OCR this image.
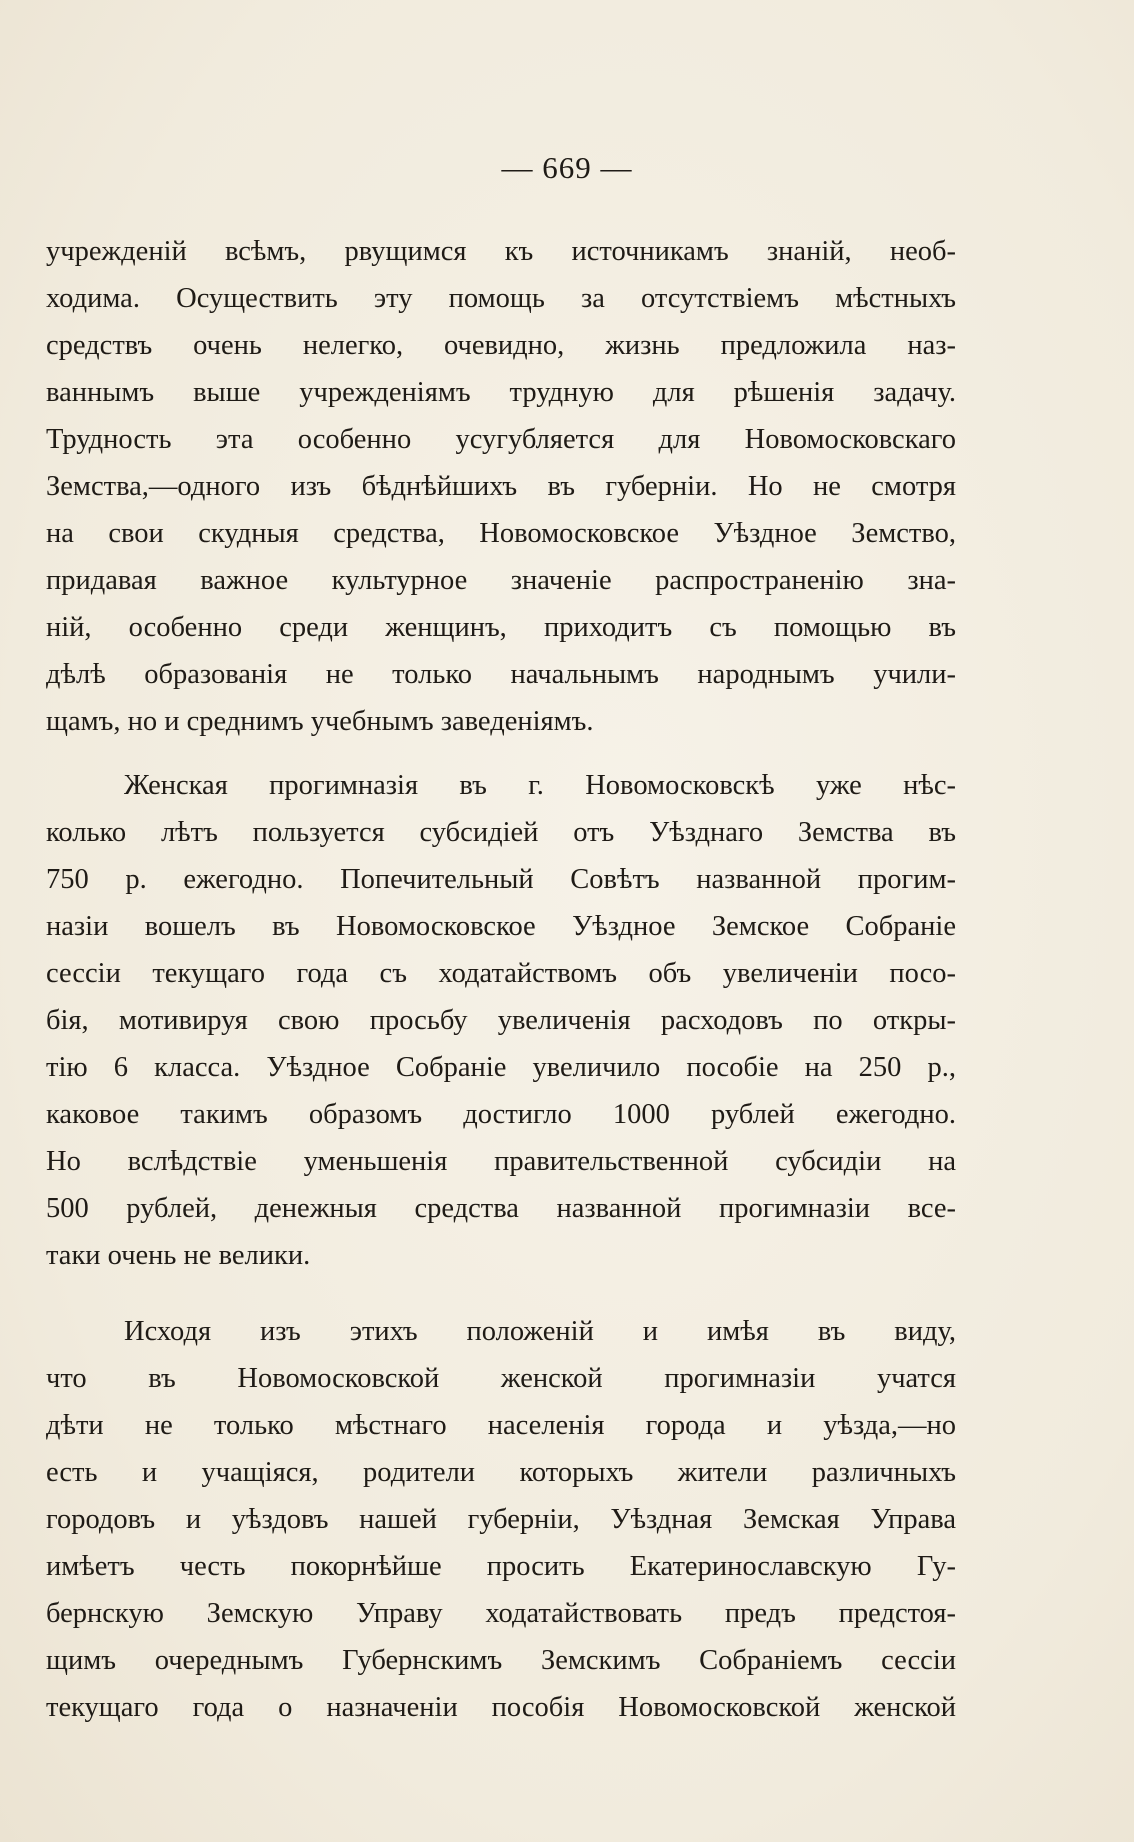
— 669 —
учрежденій всѣмъ, рвущимся къ источникамъ знаній, необ-
ходима. Осуществить эту помощь за отсутствіемъ мѣстныхъ
средствъ очень нелегко, очевидно, жизнь предложила наз-
ваннымъ выше учрежденіямъ трудную для рѣшенія задачу.
Трудность эта особенно усугубляется для Новомосковскаго
Земства,—одного изъ бѣднѣйшихъ въ губерніи. Но не смотря
на свои скудныя средства, Новомосковское Уѣздное Земство,
придавая важное культурное значеніе распространенію зна-
ній, особенно среди женщинъ, приходитъ съ помощью въ
дѣлѣ образованія не только начальнымъ народнымъ учили-
щамъ, но и среднимъ учебнымъ заведеніямъ.
Женская прогимназія въ г. Новомосковскѣ уже нѣс-
колько лѣтъ пользуется субсидіей отъ Уѣзднаго Земства въ
750 р. ежегодно. Попечительный Совѣтъ названной прогим-
назіи вошелъ въ Новомосковское Уѣздное Земское Собраніе
сессіи текущаго года съ ходатайствомъ объ увеличеніи посо-
бія, мотивируя свою просьбу увеличенія расходовъ по откры-
тію 6 класса. Уѣздное Собраніе увеличило пособіе на 250 р.,
каковое такимъ образомъ достигло 1000 рублей ежегодно.
Но вслѣдствіе уменьшенія правительственной субсидіи на
500 рублей, денежныя средства названной прогимназіи все-
таки очень не велики.
Исходя изъ этихъ положеній и имѣя въ виду,
что въ Новомосковской женской прогимназіи учатся
дѣти не только мѣстнаго населенія города и уѣзда,—но
есть и учащіяся, родители которыхъ жители различныхъ
городовъ и уѣздовъ нашей губерніи, Уѣздная Земская Управа
имѣетъ честь покорнѣйше просить Екатеринославскую Гу-
бернскую Земскую Управу ходатайствовать предъ предстоя-
щимъ очереднымъ Губернскимъ Земскимъ Собраніемъ сессіи
текущаго года о назначеніи пособія Новомосковской женской
